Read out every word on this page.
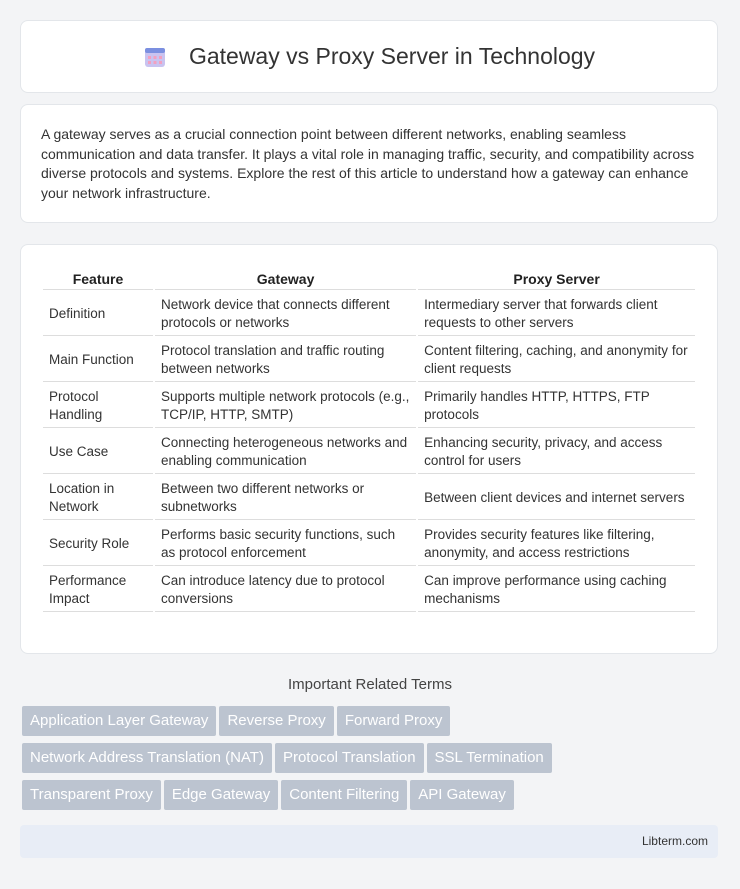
Gateway vs Proxy Server in Technology

A gateway serves as a crucial connection point between different networks, enabling seamless communication and data transfer. It plays a vital role in managing traffic, security, and compatibility across diverse protocols and systems. Explore the rest of this article to understand how a gateway can enhance your network infrastructure.

Feature	Gateway	Proxy Server
Definition	Network device that connects different protocols or networks	Intermediary server that forwards client requests to other servers
Main Function	Protocol translation and traffic routing between networks	Content filtering, caching, and anonymity for client requests
Protocol Handling	Supports multiple network protocols (e.g., TCP/IP, HTTP, SMTP)	Primarily handles HTTP, HTTPS, FTP protocols
Use Case	Connecting heterogeneous networks and enabling communication	Enhancing security, privacy, and access control for users
Location in Network	Between two different networks or subnetworks	Between client devices and internet servers
Security Role	Performs basic security functions, such as protocol enforcement	Provides security features like filtering, anonymity, and access restrictions
Performance Impact	Can introduce latency due to protocol conversions	Can improve performance using caching mechanisms
Important Related Terms
Application Layer Gateway Reverse Proxy Forward Proxy
Network Address Translation (NAT) Protocol Translation SSL Termination
Transparent Proxy Edge Gateway Content Filtering API Gateway
Libterm.com
